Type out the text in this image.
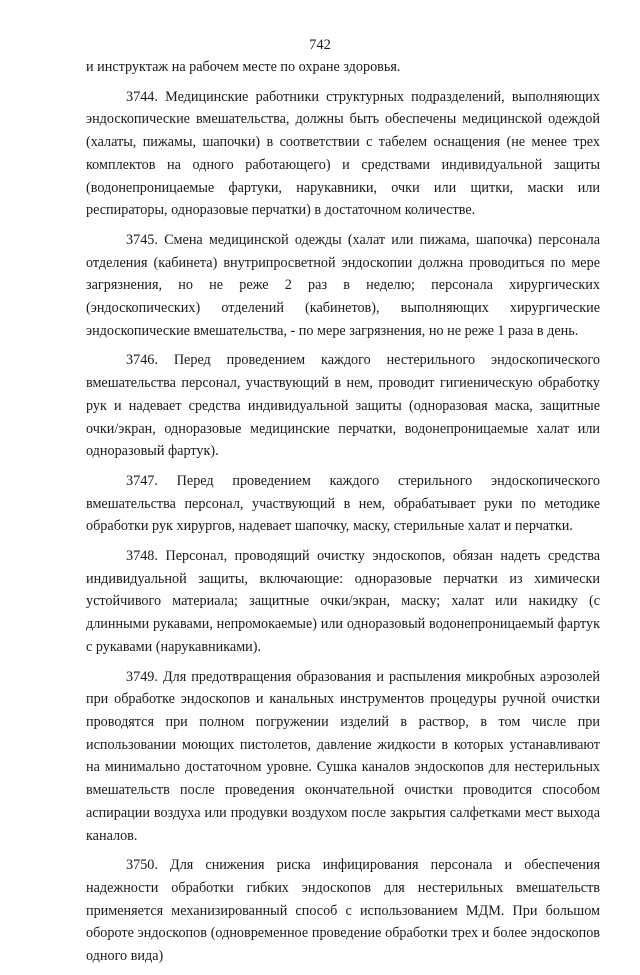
742

и инструктаж на рабочем месте по охране здоровья.

3744. Медицинские работники структурных подразделений, выполняющих эндоскопические вмешательства, должны быть обеспечены медицинской одеждой (халаты, пижамы, шапочки) в соответствии с табелем оснащения (не менее трех комплектов на одного работающего) и средствами индивидуальной защиты (водонепроницаемые фартуки, нарукавники, очки или щитки, маски или респираторы, одноразовые перчатки) в достаточном количестве.

3745. Смена медицинской одежды (халат или пижама, шапочка) персонала отделения (кабинета) внутрипросветной эндоскопии должна проводиться по мере загрязнения, но не реже 2 раз в неделю; персонала хирургических (эндоскопических) отделений (кабинетов), выполняющих хирургические эндоскопические вмешательства, - по мере загрязнения, но не реже 1 раза в день.

3746. Перед проведением каждого нестерильного эндоскопического вмешательства персонал, участвующий в нем, проводит гигиеническую обработку рук и надевает средства индивидуальной защиты (одноразовая маска, защитные очки/экран, одноразовые медицинские перчатки, водонепроницаемые халат или одноразовый фартук).

3747. Перед проведением каждого стерильного эндоскопического вмешательства персонал, участвующий в нем, обрабатывает руки по методике обработки рук хирургов, надевает шапочку, маску, стерильные халат и перчатки.

3748. Персонал, проводящий очистку эндоскопов, обязан надеть средства индивидуальной защиты, включающие: одноразовые перчатки из химически устойчивого материала; защитные очки/экран, маску; халат или накидку (с длинными рукавами, непромокаемые) или одноразовый водонепроницаемый фартук с рукавами (нарукавниками).

3749. Для предотвращения образования и распыления микробных аэрозолей при обработке эндоскопов и канальных инструментов процедуры ручной очистки проводятся при полном погружении изделий в раствор, в том числе при использовании моющих пистолетов, давление жидкости в которых устанавливают на минимально достаточном уровне. Сушка каналов эндоскопов для нестерильных вмешательств после проведения окончательной очистки проводится способом аспирации воздуха или продувки воздухом после закрытия салфетками мест выхода каналов.

3750. Для снижения риска инфицирования персонала и обеспечения надежности обработки гибких эндоскопов для нестерильных вмешательств применяется механизированный способ с использованием МДМ. При большом обороте эндоскопов (одновременное проведение обработки трех и более эндоскопов одного вида)
